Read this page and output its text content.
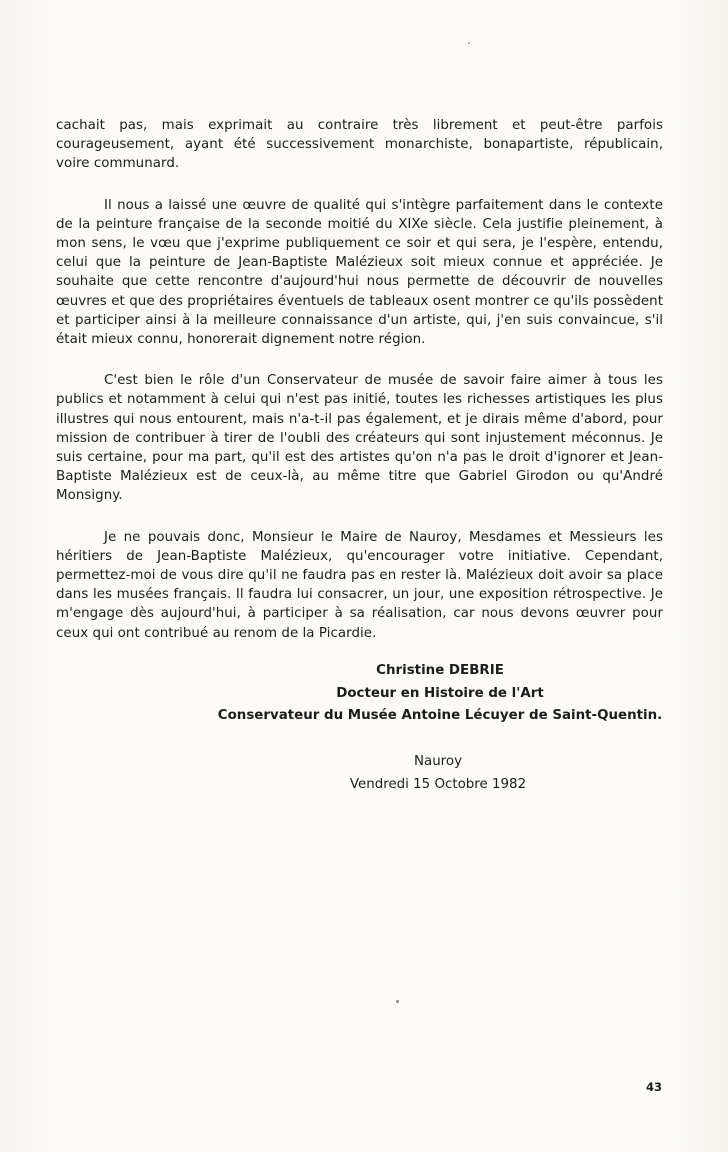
cachait pas, mais exprimait au contraire très librement et peut-être parfois courageusement, ayant été successivement monarchiste, bonapartiste, républicain, voire communard.

Il nous a laissé une œuvre de qualité qui s'intègre parfaitement dans le contexte de la peinture française de la seconde moitié du XIXe siècle. Cela justifie pleinement, à mon sens, le vœu que j'exprime publiquement ce soir et qui sera, je l'espère, entendu, celui que la peinture de Jean-Baptiste Malézieux soit mieux connue et appréciée. Je souhaite que cette rencontre d'aujourd'hui nous permette de découvrir de nouvelles œuvres et que des propriétaires éventuels de tableaux osent montrer ce qu'ils possèdent et participer ainsi à la meilleure connaissance d'un artiste, qui, j'en suis convaincue, s'il était mieux connu, honorerait dignement notre région.

C'est bien le rôle d'un Conservateur de musée de savoir faire aimer à tous les publics et notamment à celui qui n'est pas initié, toutes les richesses artistiques les plus illustres qui nous entourent, mais n'a-t-il pas également, et je dirais même d'abord, pour mission de contribuer à tirer de l'oubli des créateurs qui sont injustement méconnus. Je suis certaine, pour ma part, qu'il est des artistes qu'on n'a pas le droit d'ignorer et Jean-Baptiste Malézieux est de ceux-là, au même titre que Gabriel Girodon ou qu'André Monsigny.

Je ne pouvais donc, Monsieur le Maire de Nauroy, Mesdames et Messieurs les héritiers de Jean-Baptiste Malézieux, qu'encourager votre initiative. Cependant, permettez-moi de vous dire qu'il ne faudra pas en rester là. Malézieux doit avoir sa place dans les musées français. Il faudra lui consacrer, un jour, une exposition rétrospective. Je m'engage dès aujourd'hui, à participer à sa réalisation, car nous devons œuvrer pour ceux qui ont contribué au renom de la Picardie.

Christine DEBRIE

Docteur en Histoire de l'Art

Conservateur du Musée Antoine Lécuyer de Saint-Quentin.

Nauroy

Vendredi 15 Octobre 1982

43
